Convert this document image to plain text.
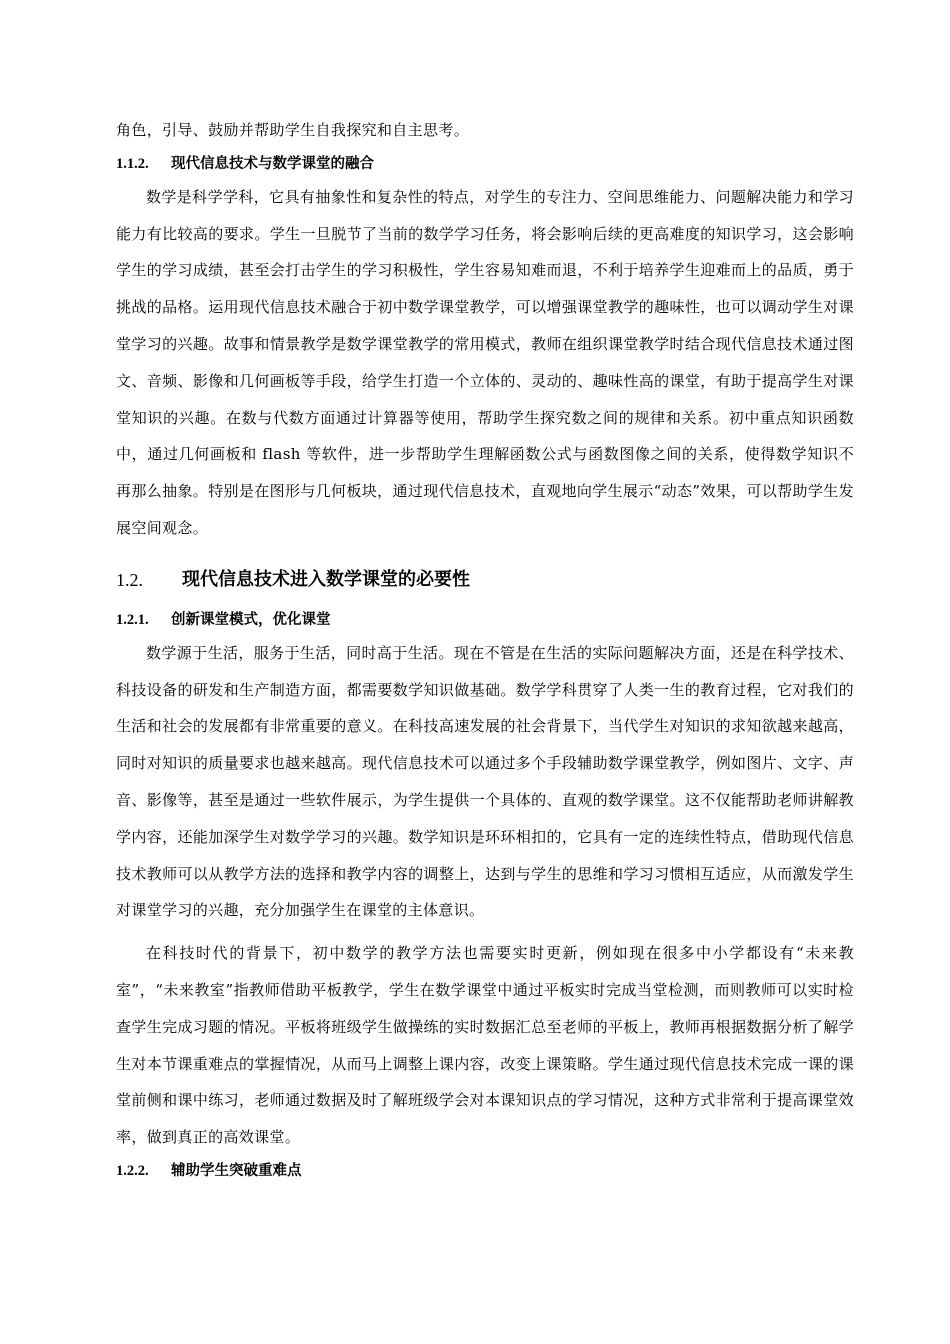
角色，引导、鼓励并帮助学生自我探究和自主思考。

1.1.2.	现代信息技术与数学课堂的融合

数学是科学学科，它具有抽象性和复杂性的特点，对学生的专注力、空间思维能力、问题解决能力和学习能力有比较高的要求。学生一旦脱节了当前的数学学习任务，将会影响后续的更高难度的知识学习，这会影响学生的学习成绩，甚至会打击学生的学习积极性，学生容易知难而退，不利于培养学生迎难而上的品质，勇于挑战的品格。运用现代信息技术融合于初中数学课堂教学，可以增强课堂教学的趣味性，也可以调动学生对课堂学习的兴趣。故事和情景教学是数学课堂教学的常用模式，教师在组织课堂教学时结合现代信息技术通过图文、音频、影像和几何画板等手段，给学生打造一个立体的、灵动的、趣味性高的课堂，有助于提高学生对课堂知识的兴趣。在数与代数方面通过计算器等使用，帮助学生探究数之间的规律和关系。初中重点知识函数中，通过几何画板和 flash 等软件，进一步帮助学生理解函数公式与函数图像之间的关系，使得数学知识不再那么抽象。特别是在图形与几何板块，通过现代信息技术，直观地向学生展示“动态”效果，可以帮助学生发展空间观念。

1.2.	现代信息技术进入数学课堂的必要性
1.2.1.	创新课堂模式，优化课堂

数学源于生活，服务于生活，同时高于生活。现在不管是在生活的实际问题解决方面，还是在科学技术、科技设备的研发和生产制造方面，都需要数学知识做基础。数学学科贯穿了人类一生的教育过程，它对我们的生活和社会的发展都有非常重要的意义。在科技高速发展的社会背景下，当代学生对知识的求知欲越来越高，同时对知识的质量要求也越来越高。现代信息技术可以通过多个手段辅助数学课堂教学，例如图片、文字、声音、影像等，甚至是通过一些软件展示，为学生提供一个具体的、直观的数学课堂。这不仅能帮助老师讲解教学内容，还能加深学生对数学学习的兴趣。数学知识是环环相扣的，它具有一定的连续性特点，借助现代信息技术教师可以从教学方法的选择和教学内容的调整上，达到与学生的思维和学习习惯相互适应，从而激发学生对课堂学习的兴趣，充分加强学生在课堂的主体意识。

在科技时代的背景下，初中数学的教学方法也需要实时更新，例如现在很多中小学都设有“未来教室”，“未来教室”指教师借助平板教学，学生在数学课堂中通过平板实时完成当堂检测，而则教师可以实时检查学生完成习题的情况。平板将班级学生做操练的实时数据汇总至老师的平板上，教师再根据数据分析了解学生对本节课重难点的掌握情况，从而马上调整上课内容，改变上课策略。学生通过现代信息技术完成一课的课堂前侧和课中练习，老师通过数据及时了解班级学会对本课知识点的学习情况，这种方式非常利于提高课堂效率，做到真正的高效课堂。

1.2.2.	辅助学生突破重难点
